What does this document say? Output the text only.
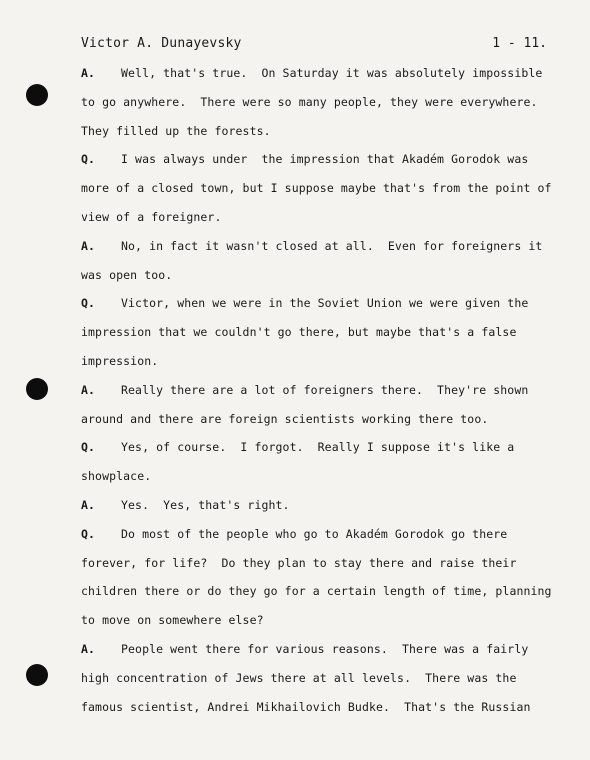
Victor A. Dunayevsky	1 - 11.
A. Well, that's true.  On Saturday it was absolutely impossible
to go anywhere.  There were so many people, they were everywhere.
They filled up the forests.
Q. I was always under  the impression that Akadém Gorodok was
more of a closed town, but I suppose maybe that's from the point of
view of a foreigner.
A. No, in fact it wasn't closed at all.  Even for foreigners it
was open too.
Q. Victor, when we were in the Soviet Union we were given the
impression that we couldn't go there, but maybe that's a false
impression.
A. Really there are a lot of foreigners there.  They're shown
around and there are foreign scientists working there too.
Q. Yes, of course.  I forgot.  Really I suppose it's like a
showplace.
A. Yes.  Yes, that's right.
Q. Do most of the people who go to Akadém Gorodok go there
forever, for life?  Do they plan to stay there and raise their
children there or do they go for a certain length of time, planning
to move on somewhere else?
A. People went there for various reasons.  There was a fairly
high concentration of Jews there at all levels.  There was the
famous scientist, Andrei Mikhailovich Budke.  That's the Russian
